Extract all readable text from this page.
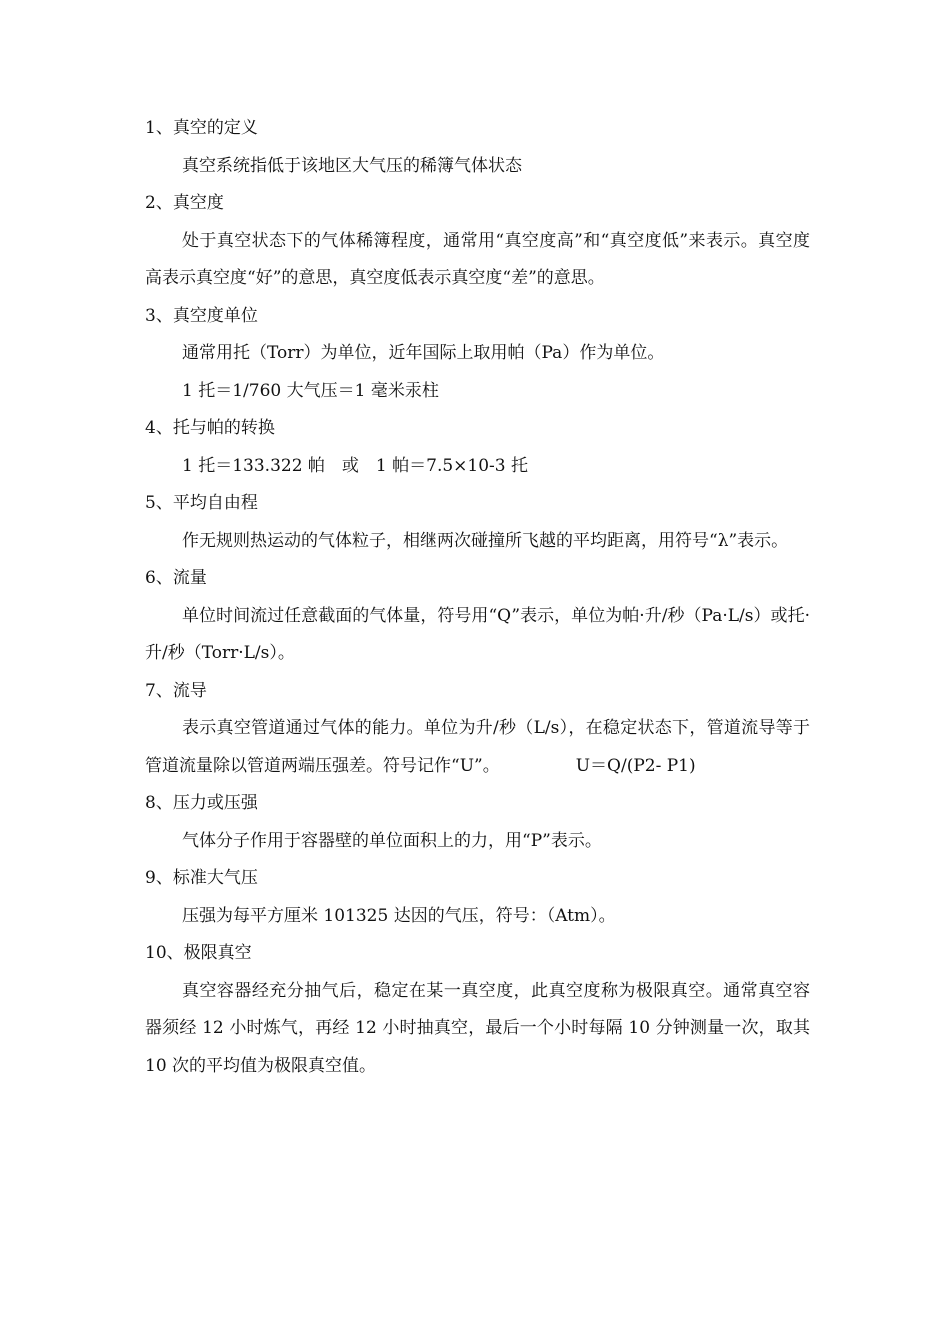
1、真空的定义

真空系统指低于该地区大气压的稀簿气体状态

2、真空度

处于真空状态下的气体稀簿程度，通常用“真空度高”和“真空度低”来表示。真空度高表示真空度“好”的意思，真空度低表示真空度“差”的意思。

3、真空度单位

通常用托（Torr）为单位，近年国际上取用帕（Pa）作为单位。

1 托＝1/760 大气压＝1 毫米汞柱

4、托与帕的转换

1 托＝133.322 帕　或　1 帕＝7.5×10-3 托

5、平均自由程

作无规则热运动的气体粒子，相继两次碰撞所飞越的平均距离，用符号“λ”表示。

6、流量

单位时间流过任意截面的气体量，符号用“Q”表示，单位为帕·升/秒（Pa·L/s）或托·升/秒（Torr·L/s）。

7、流导

表示真空管道通过气体的能力。单位为升/秒（L/s），在稳定状态下，管道流导等于管道流量除以管道两端压强差。符号记作“U”。	U＝Q/(P2- P1)

8、压力或压强

气体分子作用于容器壁的单位面积上的力，用“P”表示。

9、标准大气压

压强为每平方厘米 101325 达因的气压，符号：（Atm）。

10、极限真空

真空容器经充分抽气后，稳定在某一真空度，此真空度称为极限真空。通常真空容器须经 12 小时炼气，再经 12 小时抽真空，最后一个小时每隔 10 分钟测量一次，取其 10 次的平均值为极限真空值。
